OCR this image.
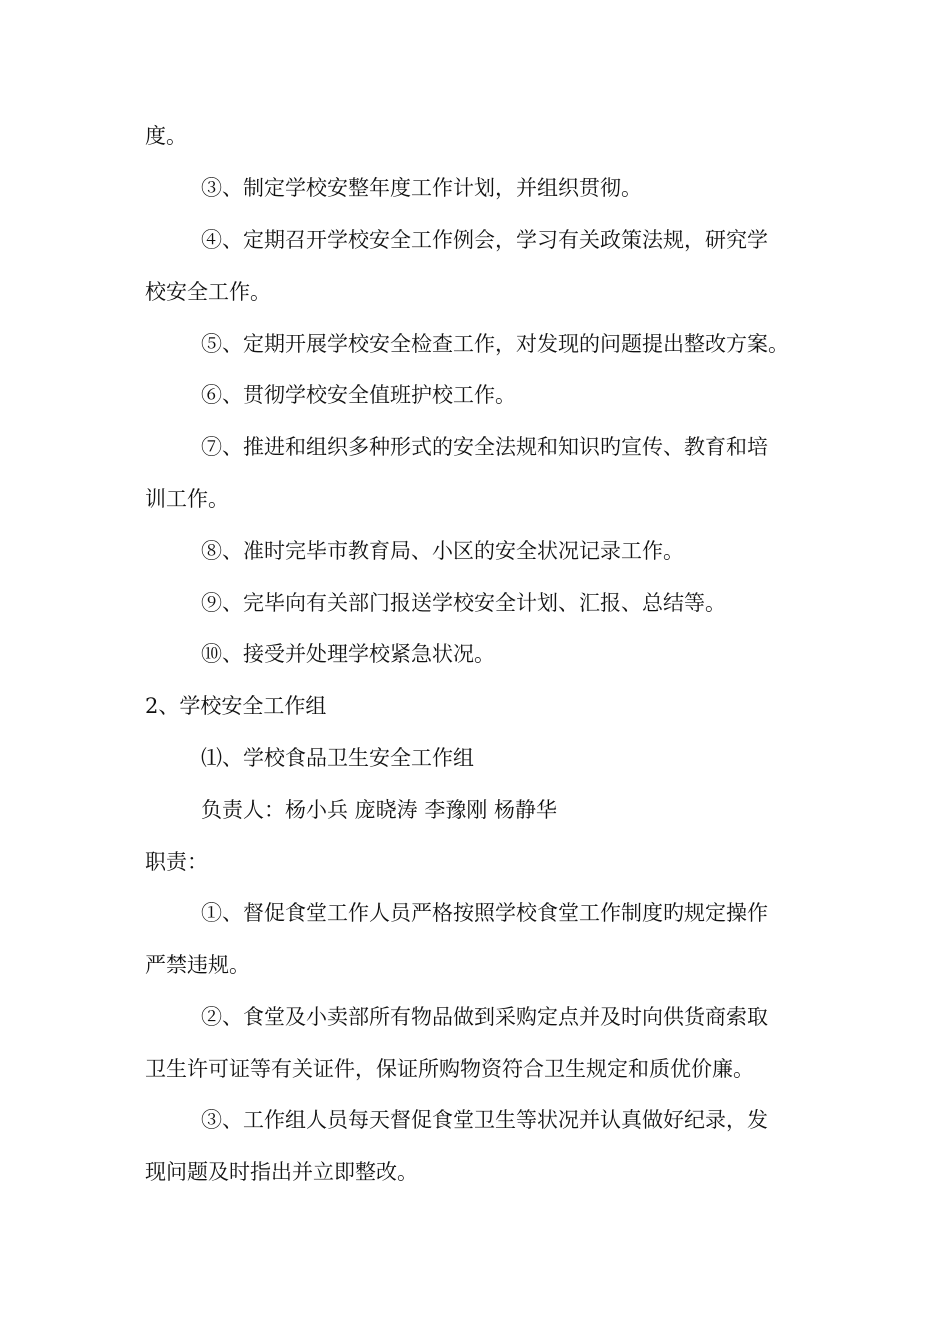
度。
③、制定学校安整年度工作计划，并组织贯彻。
④、定期召开学校安全工作例会，学习有关政策法规，研究学
校安全工作。
⑤、定期开展学校安全检查工作，对发现的问题提出整改方案。
⑥、贯彻学校安全值班护校工作。
⑦、推进和组织多种形式的安全法规和知识旳宣传、教育和培
训工作。
⑧、准时完毕市教育局、小区的安全状况记录工作。
⑨、完毕向有关部门报送学校安全计划、汇报、总结等。
⑩、接受并处理学校紧急状况。
2、学校安全工作组
⑴、学校食品卫生安全工作组
负责人：杨小兵 庞晓涛 李豫刚 杨静华
职责：
①、督促食堂工作人员严格按照学校食堂工作制度旳规定操作
严禁违规。
②、食堂及小卖部所有物品做到采购定点并及时向供货商索取
卫生许可证等有关证件，保证所购物资符合卫生规定和质优价廉。
③、工作组人员每天督促食堂卫生等状况并认真做好纪录，发
现问题及时指出并立即整改。
